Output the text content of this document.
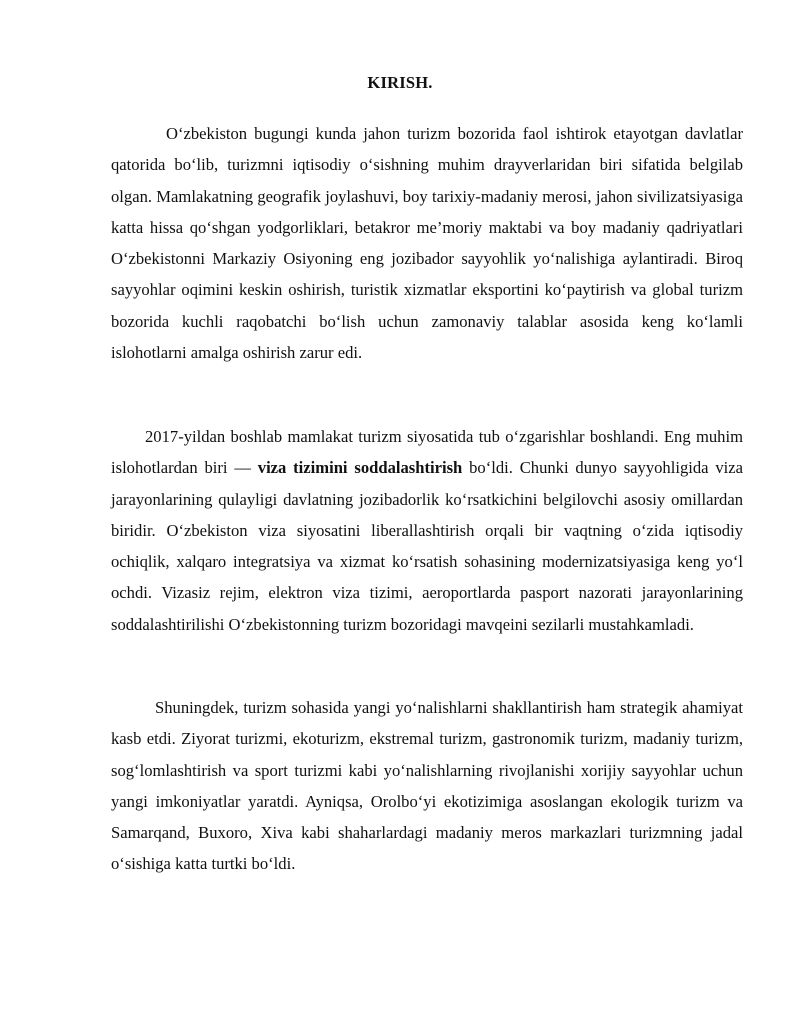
KIRISH.

O‘zbekiston bugungi kunda jahon turizm bozorida faol ishtirok etayotgan davlatlar qatorida bo‘lib, turizmni iqtisodiy o‘sishning muhim drayverlaridan biri sifatida belgilab olgan. Mamlakatning geografik joylashuvi, boy tarixiy-madaniy merosi, jahon sivilizatsiyasiga katta hissa qo‘shgan yodgorliklari, betakror me’moriy maktabi va boy madaniy qadriyatlari O‘zbekistonni Markaziy Osiyoning eng jozibador sayyohlik yo‘nalishiga aylantiradi. Biroq sayyohlar oqimini keskin oshirish, turistik xizmatlar eksportini ko‘paytirish va global turizm bozorida kuchli raqobatchi bo‘lish uchun zamonaviy talablar asosida keng ko‘lamli islohotlarni amalga oshirish zarur edi.

2017-yildan boshlab mamlakat turizm siyosatida tub o‘zgarishlar boshlandi. Eng muhim islohotlardan biri — viza tizimini soddalashtirish bo‘ldi. Chunki dunyo sayyohligida viza jarayonlarining qulayligi davlatning jozibadorlik ko‘rsatkichini belgilovchi asosiy omillardan biridir. O‘zbekiston viza siyosatini liberallashtirish orqali bir vaqtning o‘zida iqtisodiy ochiqlik, xalqaro integratsiya va xizmat ko‘rsatish sohasining modernizatsiyasiga keng yo‘l ochdi. Vizasiz rejim, elektron viza tizimi, aeroportlarda pasport nazorati jarayonlarining soddalashtirilishi O‘zbekistonning turizm bozoridagi mavqeini sezilarli mustahkamladi.

Shuningdek, turizm sohasida yangi yo‘nalishlarni shakllantirish ham strategik ahamiyat kasb etdi. Ziyorat turizmi, ekoturizm, ekstremal turizm, gastronomik turizm, madaniy turizm, sog‘lomlashtirish va sport turizmi kabi yo‘nalishlarning rivojlanishi xorijiy sayyohlar uchun yangi imkoniyatlar yaratdi. Ayniqsa, Orolbo‘yi ekotizimiga asoslangan ekologik turizm va Samarqand, Buxoro, Xiva kabi shaharlardagi madaniy meros markazlari turizmning jadal o‘sishiga katta turtki bo‘ldi.
